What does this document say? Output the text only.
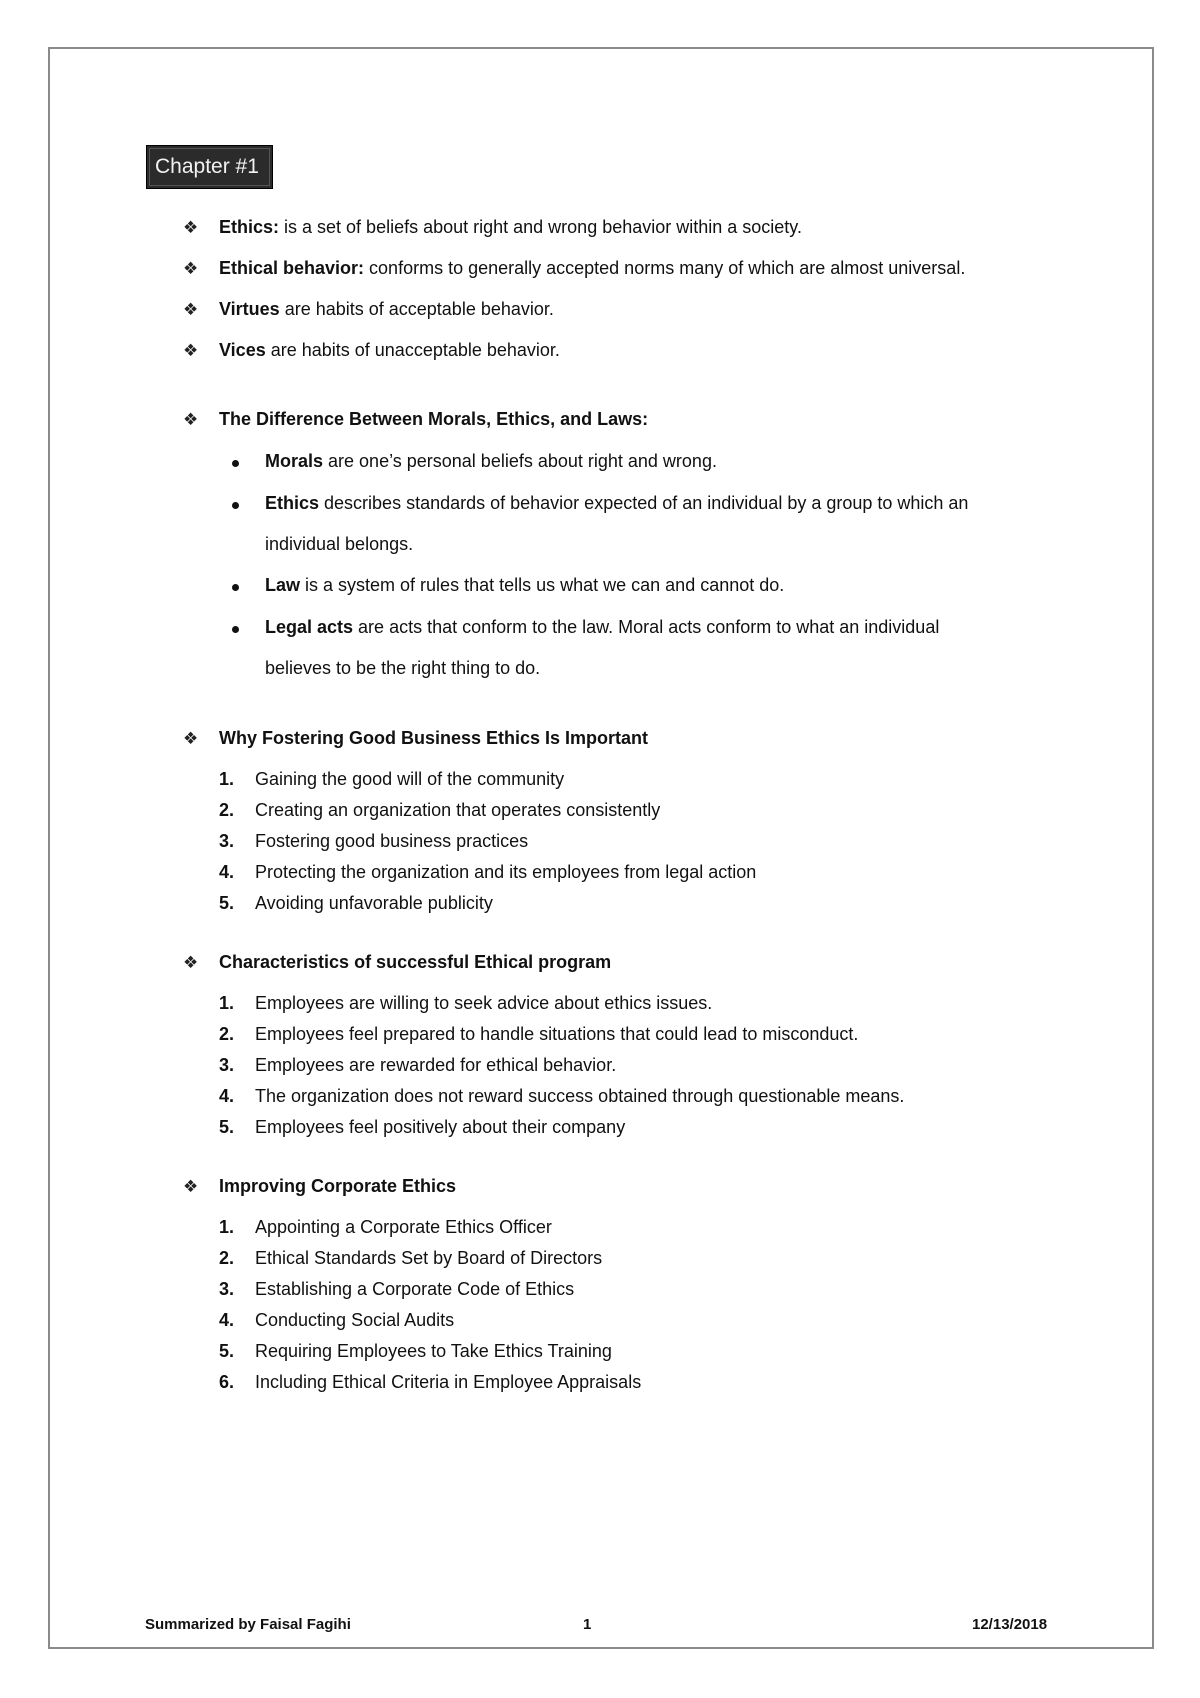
Chapter #1
❖ Ethics: is a set of beliefs about right and wrong behavior within a society.
❖ Ethical behavior: conforms to generally accepted norms many of which are almost universal.
❖ Virtues are habits of acceptable behavior.
❖ Vices are habits of unacceptable behavior.
❖ The Difference Between Morals, Ethics, and Laws:
Morals are one’s personal beliefs about right and wrong.
Ethics describes standards of behavior expected of an individual by a group to which an
individual belongs.
Law is a system of rules that tells us what we can and cannot do.
Legal acts are acts that conform to the law. Moral acts conform to what an individual
believes to be the right thing to do.
❖ Why Fostering Good Business Ethics Is Important
1. Gaining the good will of the community
2. Creating an organization that operates consistently
3. Fostering good business practices
4. Protecting the organization and its employees from legal action
5. Avoiding unfavorable publicity
❖ Characteristics of successful Ethical program
1. Employees are willing to seek advice about ethics issues.
2. Employees feel prepared to handle situations that could lead to misconduct.
3. Employees are rewarded for ethical behavior.
4. The organization does not reward success obtained through questionable means.
5. Employees feel positively about their company
❖ Improving Corporate Ethics
1. Appointing a Corporate Ethics Officer
2. Ethical Standards Set by Board of Directors
3. Establishing a Corporate Code of Ethics
4. Conducting Social Audits
5. Requiring Employees to Take Ethics Training
6. Including Ethical Criteria in Employee Appraisals
Summarized by Faisal Fagihi	1	12/13/2018
